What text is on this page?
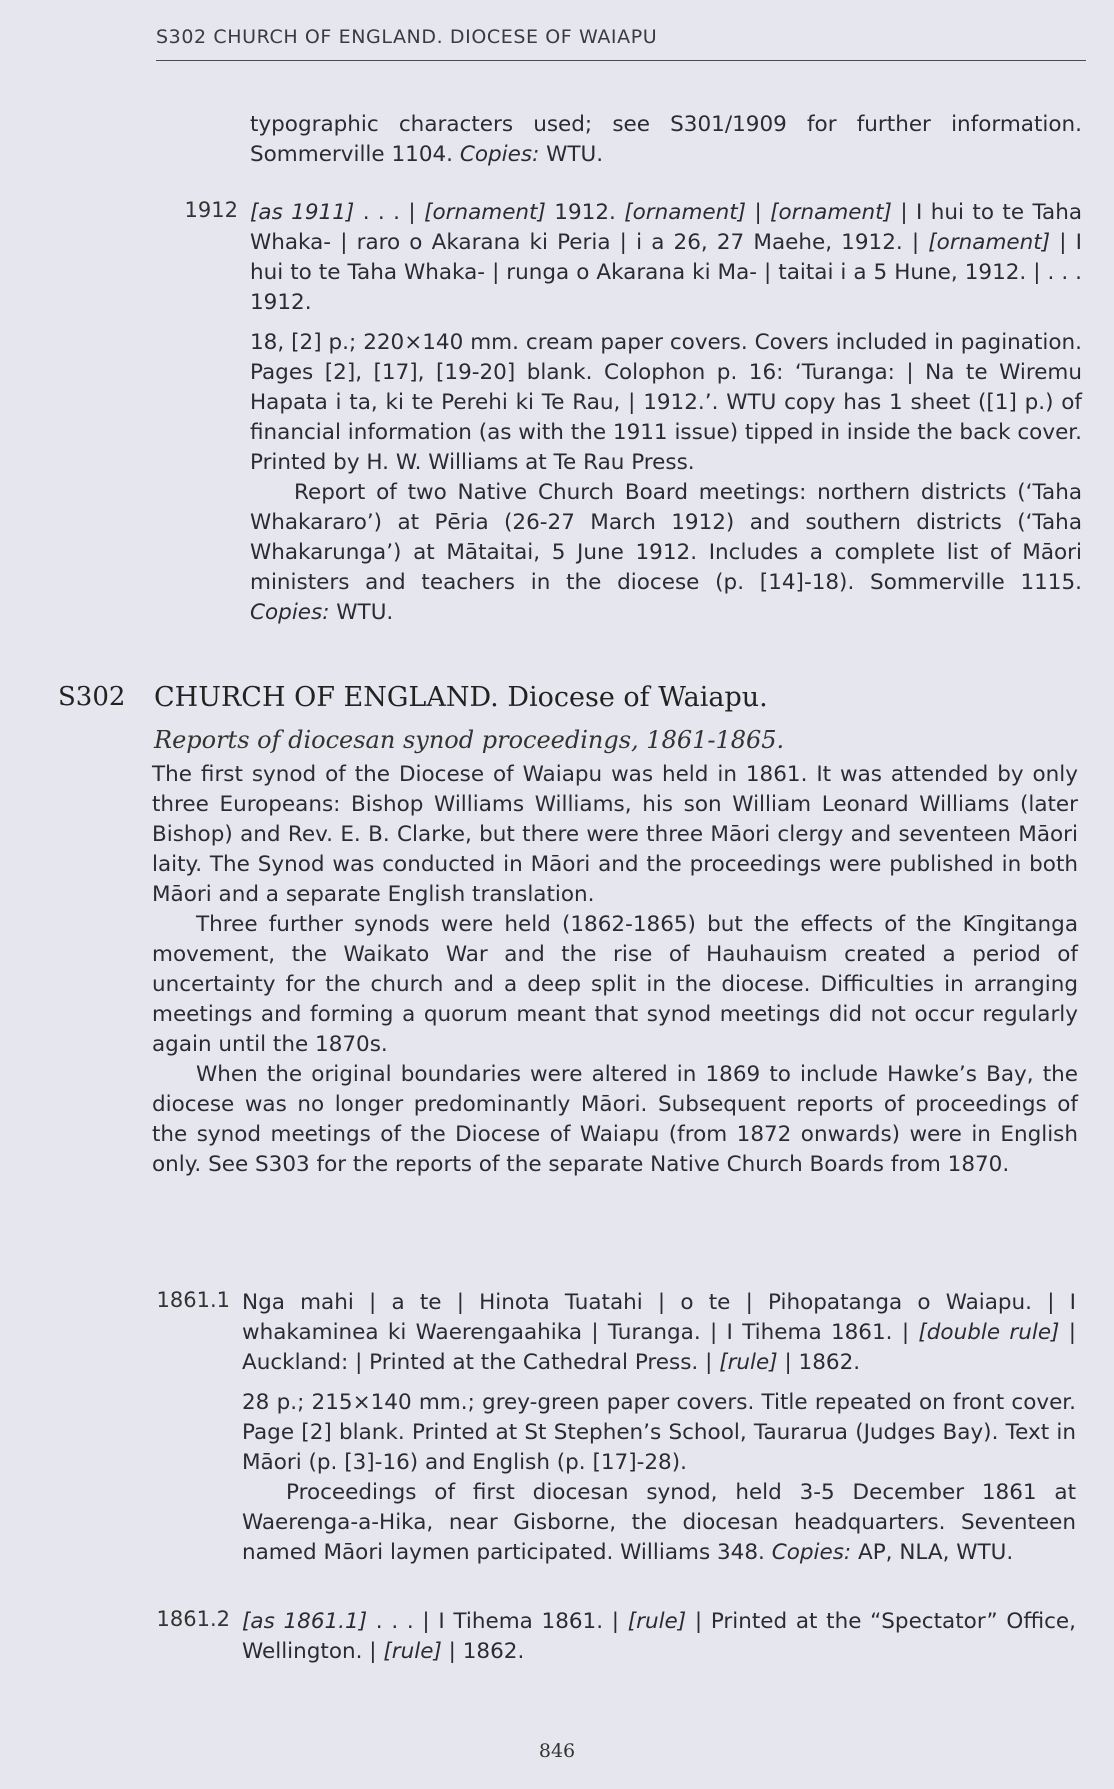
S302 CHURCH OF ENGLAND. DIOCESE OF WAIAPU

typographic characters used; see S301/1909 for further information. Sommerville 1104. Copies: WTU.

1912 [as 1911] . . . | [ornament] 1912. [ornament] | [ornament] | I hui to te Taha Whaka- | raro o Akarana ki Peria | i a 26, 27 Maehe, 1912. | [ornament] | I hui to te Taha Whaka- | runga o Akarana ki Ma- | taitai i a 5 Hune, 1912. | . . . 1912.

18, [2] p.; 220×140 mm. cream paper covers. Covers included in pagination. Pages [2], [17], [19-20] blank. Colophon p. 16: ‘Turanga: | Na te Wiremu Hapata i ta, ki te Perehi ki Te Rau, | 1912.’. WTU copy has 1 sheet ([1] p.) of financial information (as with the 1911 issue) tipped in inside the back cover. Printed by H. W. Williams at Te Rau Press.

Report of two Native Church Board meetings: northern districts (‘Taha Whakararo’) at Pēria (26-27 March 1912) and southern districts (‘Taha Whakarunga’) at Mātaitai, 5 June 1912. Includes a complete list of Māori ministers and teachers in the diocese (p. [14]-18). Sommerville 1115. Copies: WTU.

S302 CHURCH OF ENGLAND. Diocese of Waiapu.
Reports of diocesan synod proceedings, 1861-1865.

The first synod of the Diocese of Waiapu was held in 1861. It was attended by only three Europeans: Bishop Williams Williams, his son William Leonard Williams (later Bishop) and Rev. E. B. Clarke, but there were three Māori clergy and seventeen Māori laity. The Synod was conducted in Māori and the proceedings were published in both Māori and a separate English translation.

Three further synods were held (1862-1865) but the effects of the Kīngitanga movement, the Waikato War and the rise of Hauhauism created a period of uncertainty for the church and a deep split in the diocese. Difficulties in arranging meetings and forming a quorum meant that synod meetings did not occur regularly again until the 1870s.

When the original boundaries were altered in 1869 to include Hawke’s Bay, the diocese was no longer predominantly Māori. Subsequent reports of proceedings of the synod meetings of the Diocese of Waiapu (from 1872 onwards) were in English only. See S303 for the reports of the separate Native Church Boards from 1870.

1861.1 Nga mahi | a te | Hinota Tuatahi | o te | Pihopatanga o Waiapu. | I whakaminea ki Waerengaahika | Turanga. | I Tihema 1861. | [double rule] | Auckland: | Printed at the Cathedral Press. | [rule] | 1862.

28 p.; 215×140 mm.; grey-green paper covers. Title repeated on front cover. Page [2] blank. Printed at St Stephen’s School, Taurarua (Judges Bay). Text in Māori (p. [3]-16) and English (p. [17]-28).

Proceedings of first diocesan synod, held 3-5 December 1861 at Waerenga-a-Hika, near Gisborne, the diocesan headquarters. Seventeen named Māori laymen participated. Williams 348. Copies: AP, NLA, WTU.

1861.2 [as 1861.1] . . . | I Tihema 1861. | [rule] | Printed at the “Spectator” Office, Wellington. | [rule] | 1862.

846
